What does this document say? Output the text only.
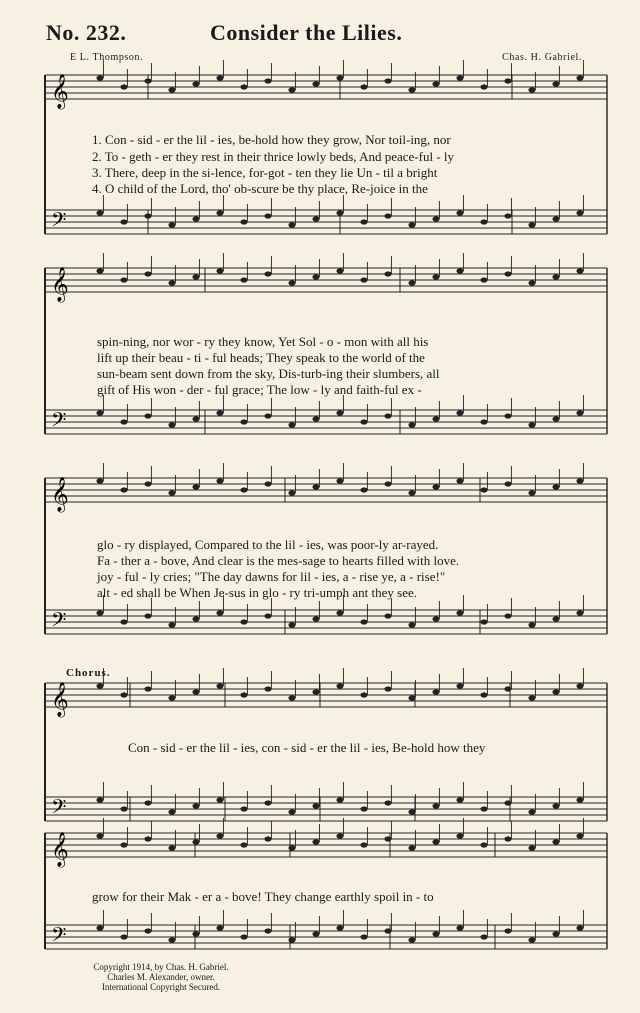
No. 232.	Consider the Lilies.
E L. Thompson.	Chas. H. Gabriel.
𝄞
𝄢
𝄞
𝄢
𝄞
𝄢
𝄞
𝄢
𝄞
𝄢
1. Con - sid - er the lil - ies, be-hold how they grow, Nor toil-ing, nor
2. To - geth - er they rest in their thrice lowly beds, And peace-ful - ly
3. There, deep in the si-lence, for-got - ten they lie Un - til a bright
4. O child of the Lord, tho' ob-scure be thy place, Re-joice in the
spin-ning, nor wor - ry they know, Yet Sol - o - mon with all his
lift up their beau - ti - ful heads; They speak to the world of the
sun-beam sent down from the sky, Dis-turb-ing their slumbers, all
gift of His won - der - ful grace; The low - ly and faith-ful ex -
glo - ry displayed, Compared to the lil - ies, was poor-ly ar-rayed.
Fa - ther a - bove, And clear is the mes-sage to hearts filled with love.
joy - ful - ly cries; "The day dawns for lil - ies, a - rise ye, a - rise!"
alt - ed shall be When Je-sus in glo - ry tri-umph ant they see.
Chorus.
Con - sid - er the lil - ies, con - sid - er the lil - ies, Be-hold how they
grow for their Mak - er a - bove! They change earthly spoil in - to
Copyright 1914, by Chas. H. Gabriel.
Charles M. Alexander, owner.
International Copyright Secured.
